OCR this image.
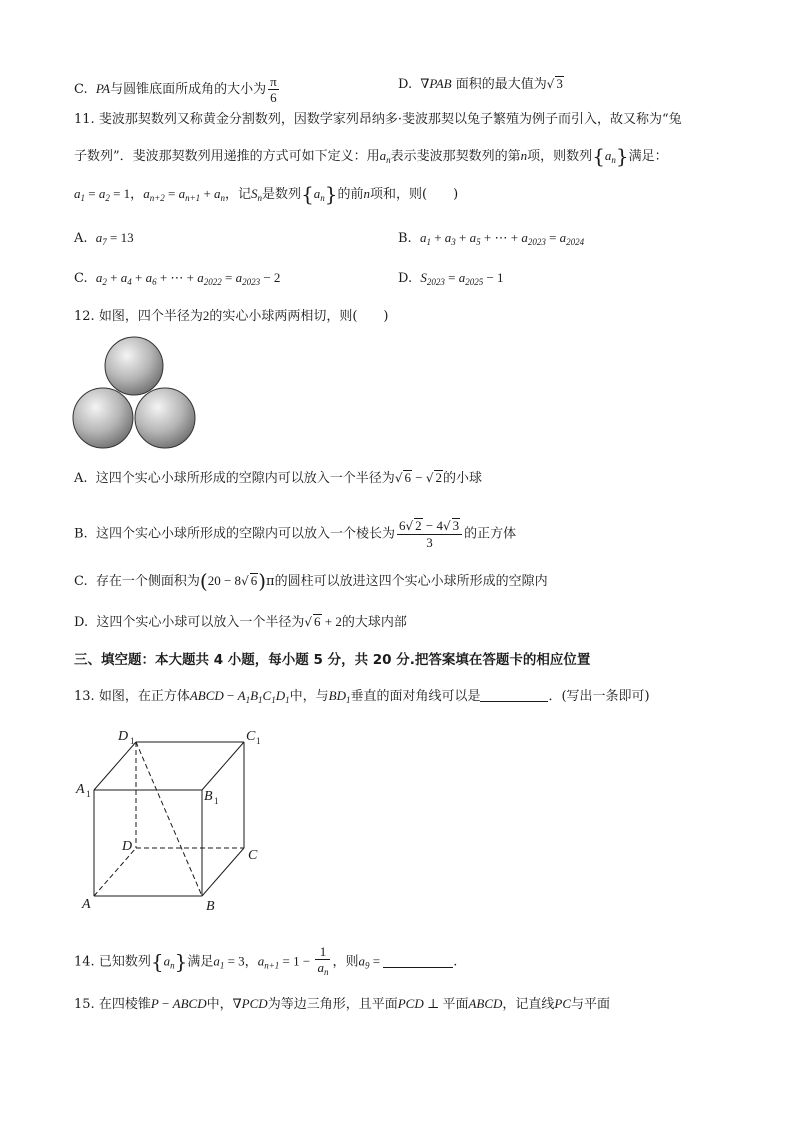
C. PA与圆锥底面所成角的大小为 $\frac{\pi}{6}$	D. ∇PAB 面积的最大值为√ 3
11. 斐波那契数列又称黄金分割数列，因数学家列昂纳多·斐波那契以兔子繁殖为例子而引入，故又称为“兔
子数列”．斐波那契数列用递推的方式可如下定义：用$a_n$表示斐波那契数列的第n项，则数列$\{a_n\}$满足：
$a_1 = a_2 = 1$，$a_{n+2} = a_{n+1} + a_n$，记$S_n$是数列$\{a_n\}$的前n项和，则(　　)
A. $a_7 = 13$	B. $a_1 + a_3 + a_5$ + ⋯ + $a_{2023} = a_{2024}$
C. $a_2 + a_4 + a_6$ + ⋯ + $a_{2022} = a_{2023} - 2$	D. $S_{2023} = a_{2025} - 1$
12. 如图，四个半径为2的实心小球两两相切，则(　　)
A. 这四个实心小球所形成的空隙内可以放入一个半径为√ 6 − √ 2的小球
B. 这四个实心小球所形成的空隙内可以放入一个棱长为 $\frac{6√ 2 - 4√ 3}{3}$ 的正方体
C. 存在一个侧面积为(20 − 8√ 6)π的圆柱可以放进这四个实心小球所形成的空隙内
D. 这四个实心小球可以放入一个半径为√ 6 + 2的大球内部
三、填空题：本大题共 4 小题，每小题 5 分，共 20 分.把答案填在答题卡的相应位置
13. 如图，在正方体ABCD − $A_1B_1C_1D_1$中，与$BD_1$垂直的面对角线可以是	．(写出一条即可)
D 1	C 1
A 1	B 1
D
C
A	B
14. 已知数列$\{a_n\}$满足$a_1 = 3$，$a_{n+1} = 1 - \frac{1}{a_n}$ ，则$a_9$ =	.
15. 在四棱锥P − ABCD中，∇PCD为等边三角形，且平面PCD ⊥ 平面ABCD，记直线PC与平面
